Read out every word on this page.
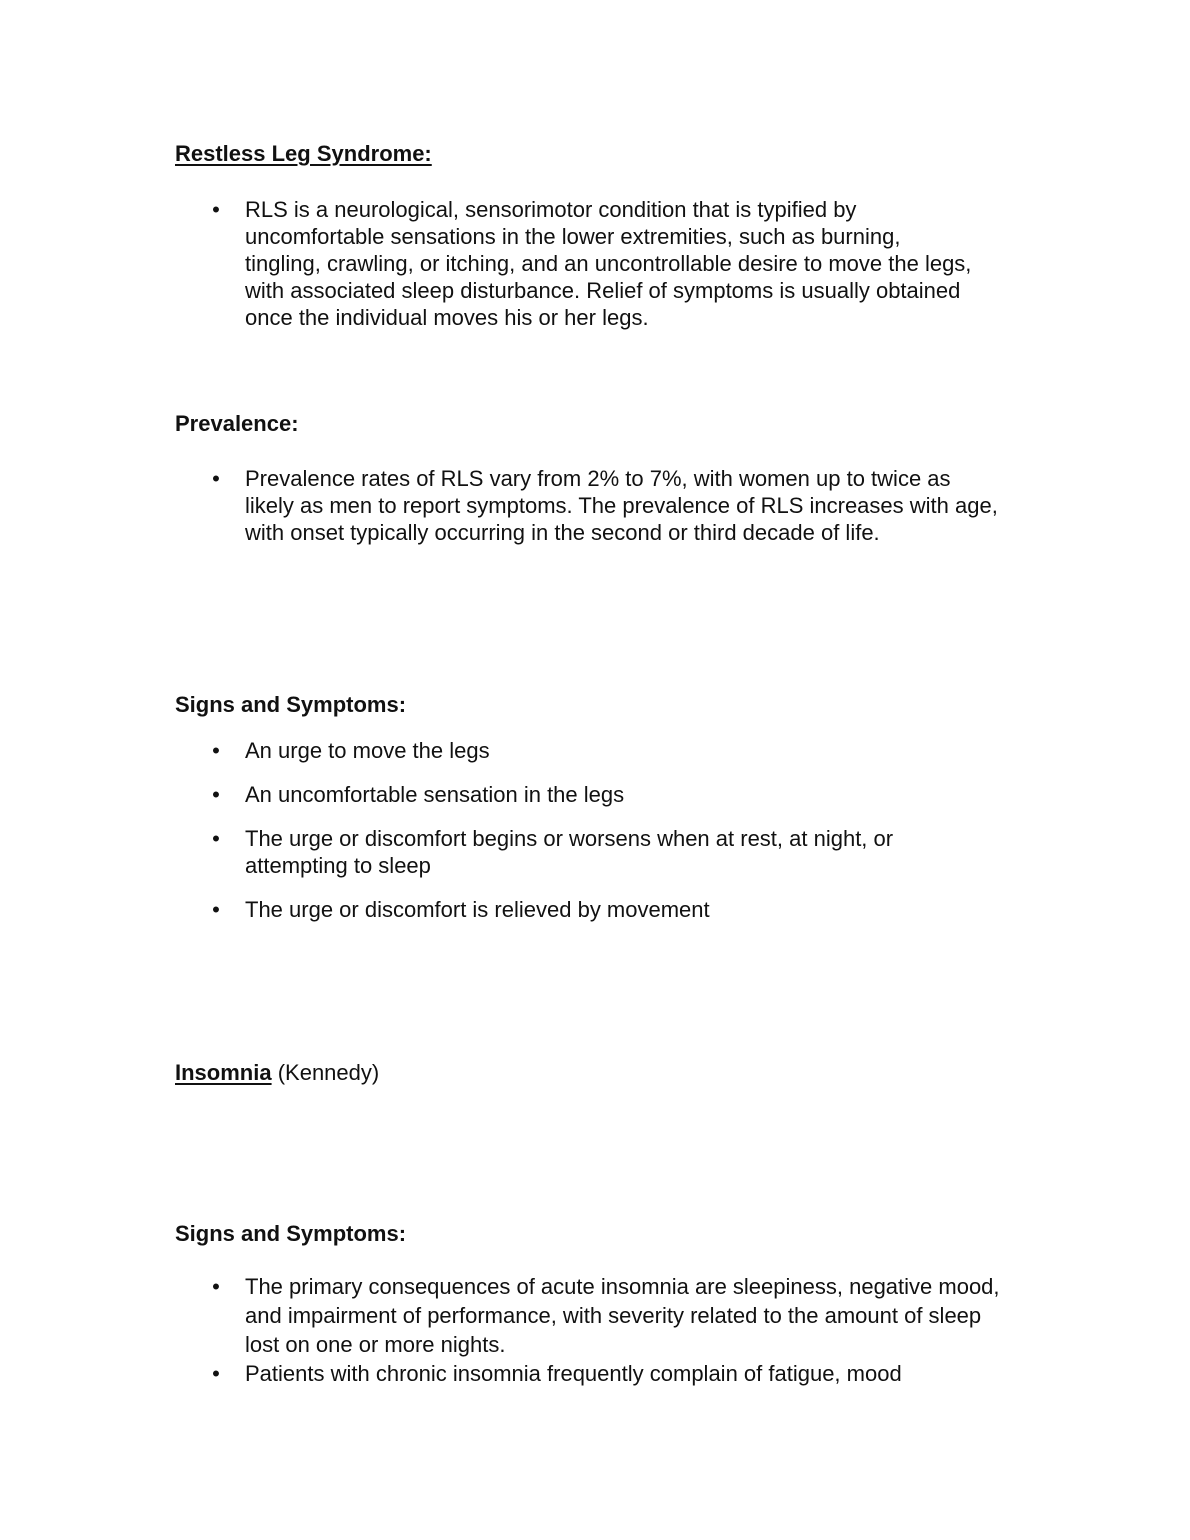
Restless Leg Syndrome:
• RLS is a neurological, sensorimotor condition that is typified by uncomfortable sensations in the lower extremities, such as burning, tingling, crawling, or itching, and an uncontrollable desire to move the legs, with associated sleep disturbance. Relief of symptoms is usually obtained once the individual moves his or her legs.
Prevalence:
• Prevalence rates of RLS vary from 2% to 7%, with women up to twice as likely as men to report symptoms. The prevalence of RLS increases with age, with onset typically occurring in the second or third decade of life.
Signs and Symptoms:
• An urge to move the legs
• An uncomfortable sensation in the legs
• The urge or discomfort begins or worsens when at rest, at night, or attempting to sleep
• The urge or discomfort is relieved by movement
Insomnia (Kennedy)
Signs and Symptoms:
• The primary consequences of acute insomnia are sleepiness, negative mood, and impairment of performance, with severity related to the amount of sleep lost on one or more nights.
• Patients with chronic insomnia frequently complain of fatigue, mood
